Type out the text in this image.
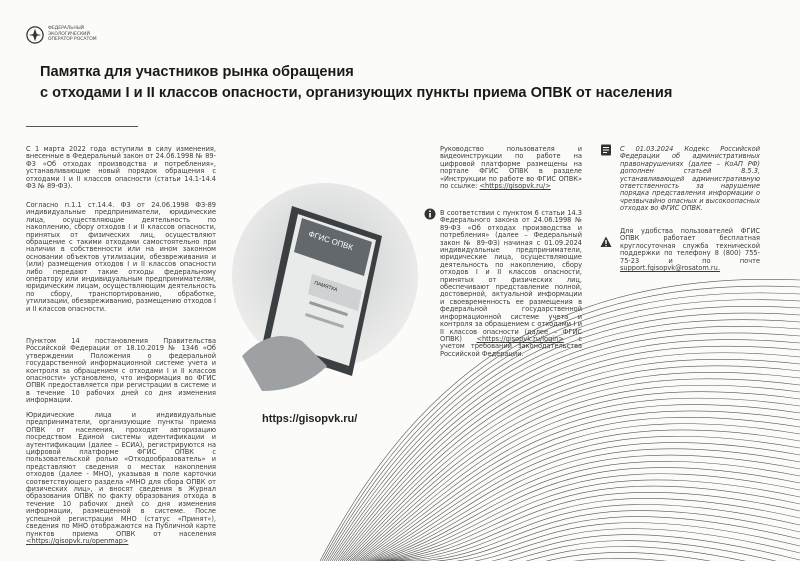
ФЕДЕРАЛЬНЫЙ ЭКОЛОГИЧЕСКИЙ ОПЕРАТОР РОСАТОМ
Памятка для участников рынка обращения
с отходами I и II классов опасности, организующих пункты приема ОПВК от населения
С 1 марта 2022 года вступили в силу изменения, внесенные в Федеральный закон от 24.06.1998 № 89-ФЗ «Об отходах производства и потребления», устанавливающие новый порядок обращения с отходами I и II классов опасности (статьи 14.1-14.4 ФЗ № 89-ФЗ).
Согласно п.1.1 ст.14.4. ФЗ от 24.06.1998 ФЗ-89 индивидуальные предприниматели, юридические лица, осуществляющие деятельность по накоплению, сбору отходов I и II классов опасности, принятых от физических лиц, осуществляют обращение с такими отходами самостоятельно при наличии в собственности или на ином законном основании объектов утилизации, обезвреживания и (или) размещения отходов I и II классов опасности либо передают такие отходы федеральному оператору или индивидуальным предпринимателям, юридическим лицам, осуществляющим деятельность по сбору, транспортированию, обработке, утилизации, обезвреживанию, размещению отходов I и II классов опасности.
Пунктом 14 постановления Правительства Российской Федерации от 18.10.2019 № 1346 «Об утверждении Положения о федеральной государственной информационной системе учета и контроля за обращением с отходами I и II классов опасности» установлено, что информация во ФГИС ОПВК предоставляется при регистрации в системе и в течение 10 рабочих дней со дня изменения информации.
Юридические лица и индивидуальные предприниматели, организующие пункты приема ОПВК от населения, проходят авторизацию посредством Единой системы идентификации и аутентификации (далее – ЕСИА), регистрируются на цифровой платформе ФГИС ОПВК с пользовательской ролью «Отходообразователь» и представляют сведения о местах накопления отходов (далее - МНО), указывая в поле карточки соответствующего раздела «МНО для сбора ОПВК от физических лиц», и вносят сведения в Журнал образования ОПВК по факту образования отхода в течение 10 рабочих дней со дня изменения информации, размещенной в системе. После успешной регистрации МНО (статус «Принят»), сведения по МНО отображаются на Публичной карте пунктов приема ОПВК от населения <https://gisopvk.ru/openmap>
ФГИС ОПВК
ПАМЯТКА
https://gisopvk.ru/
Руководство пользователя и видеоинструкции по работе на цифровой платформе размещены на портале ФГИС ОПВК в разделе «Инструкции по работе во ФГИС ОПВК» по ссылке: <https://gisopvk.ru/>
В соответствии с пунктом 6 статьи 14.3 Федерального закона от 24.06.1998 № 89-ФЗ «Об отходах производства и потребления» (далее – Федеральный закон № 89-ФЗ) начиная с 01.09.2024 индивидуальные предприниматели, юридические лица, осуществляющие деятельность по накоплению, сбору отходов I и II классов опасности, принятых от физических лиц, обеспечивают представление полной, достоверной, актуальной информации и своевременность ее размещения в федеральной государственной информационной системе учета и контроля за обращением с отходами I и II классов опасности (далее – ФГИС ОПВК) <https://gisopvk.ru/login> с учетом требований законодательства Российской Федерации.
С 01.03.2024 Кодекс Российской Федерации об административных правонарушениях (далее – КоАП РФ) дополнен статьей 8.5.3, устанавливающей административную ответственность за нарушение порядка представления информации о чрезвычайно опасных и высокоопасных отходах во ФГИС ОПВК.
Для удобства пользователей ФГИС ОПВК работает бесплатная круглосуточная служба технической поддержки по телефону 8 (800) 755-75-23 и по почте support.fgisopvk@rosatom.ru.
